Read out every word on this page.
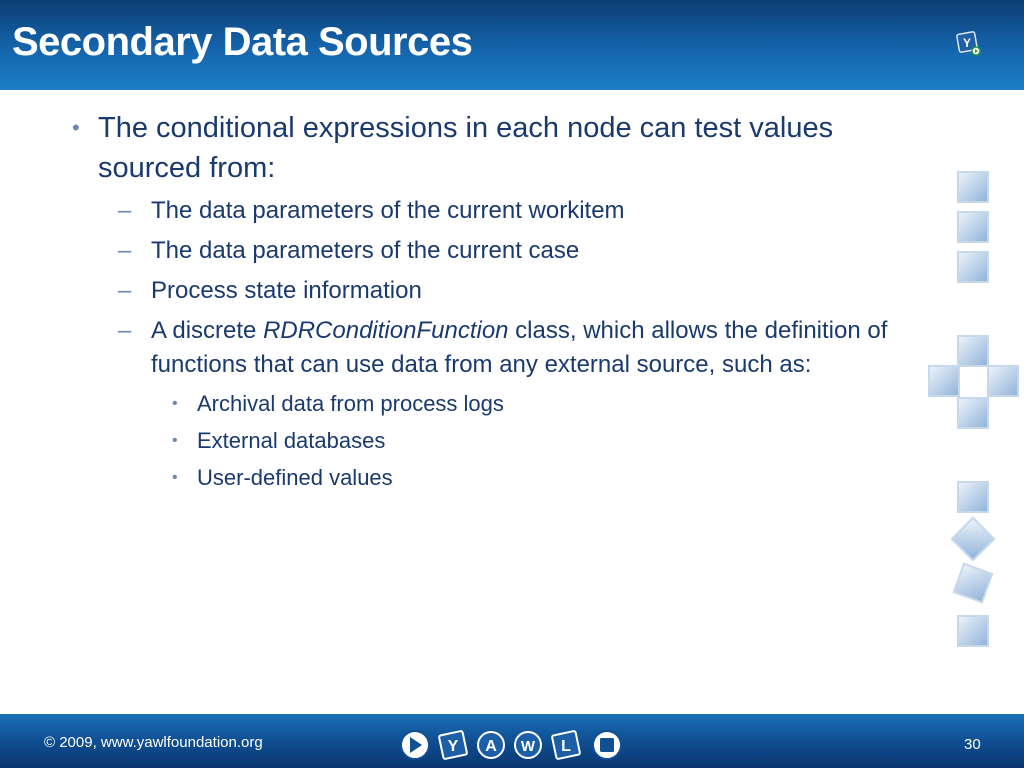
Secondary Data Sources	Y
• The conditional expressions in each node can test values sourced from:
– The data parameters of the current workitem
– The data parameters of the current case
– Process state information
– A discrete RDRConditionFunction class, which allows the definition of functions that can use data from any external source, such as:
• Archival data from process logs
• External databases
• User-defined values
© 2009, www.yawlfoundation.org	Y A W L	30
